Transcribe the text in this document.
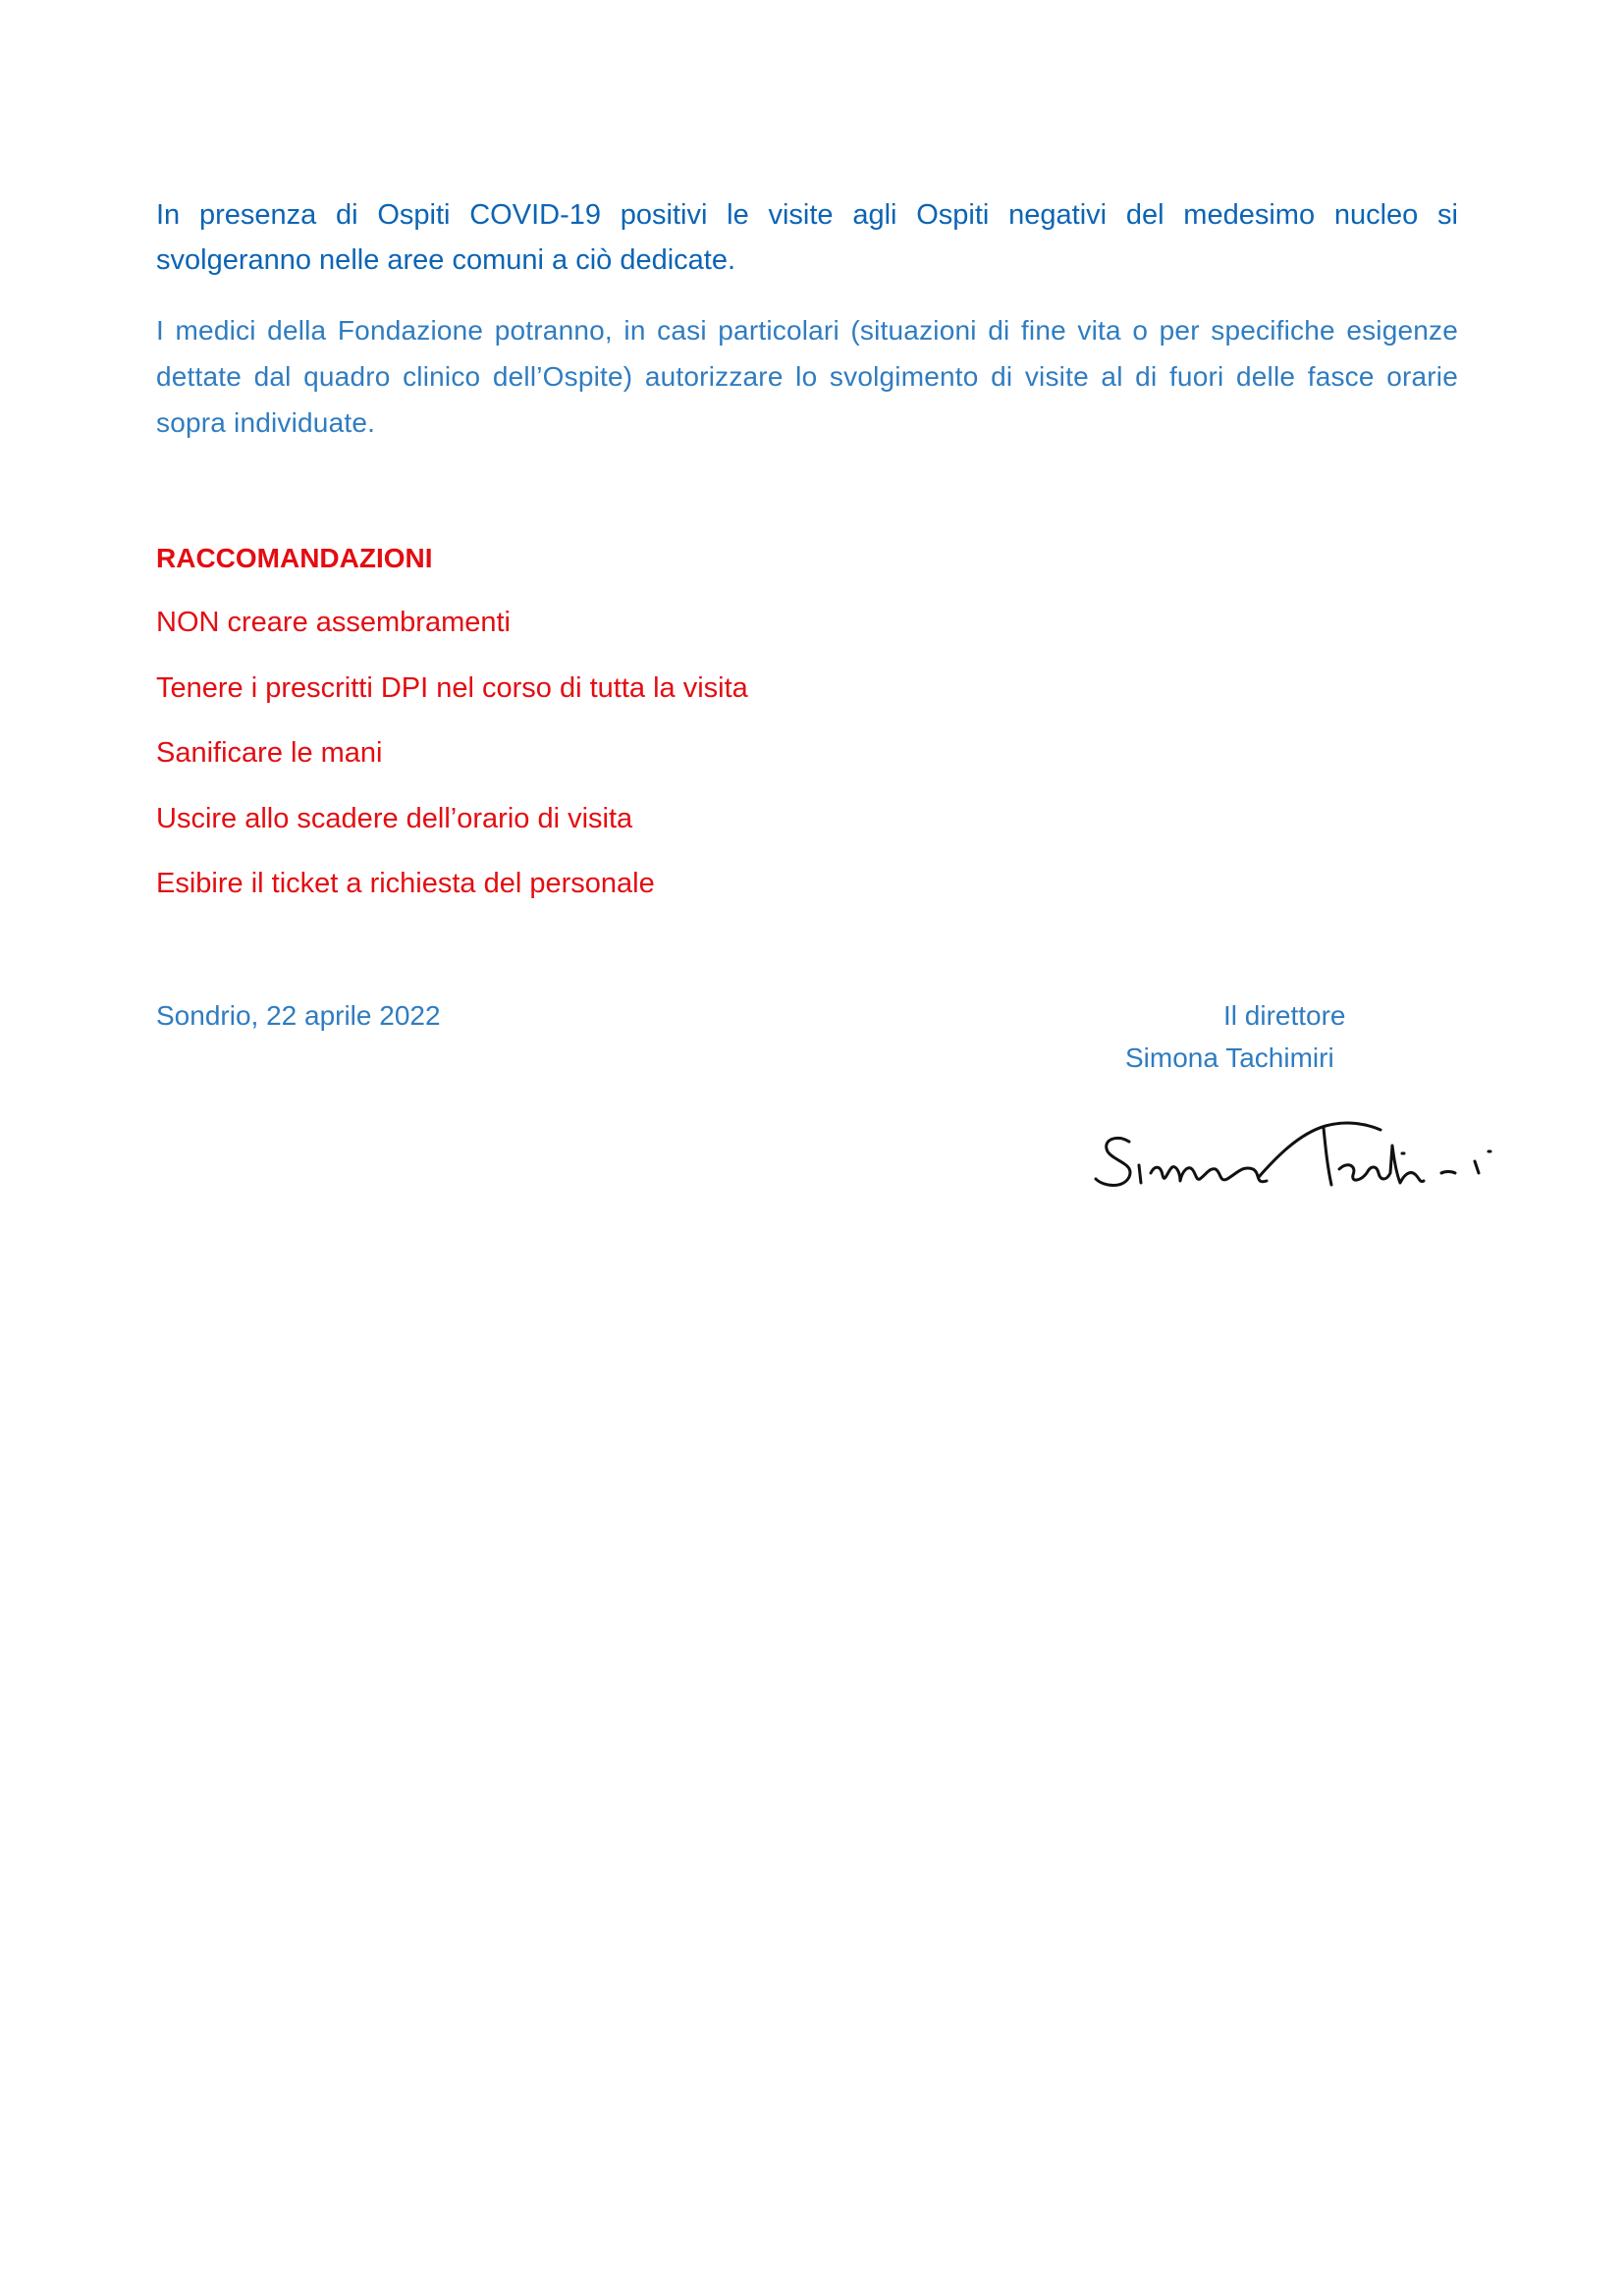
In presenza di Ospiti COVID-19 positivi le visite agli Ospiti negativi del medesimo nucleo si svolgeranno nelle aree comuni a ciò dedicate.

I medici della Fondazione potranno, in casi particolari (situazioni di fine vita o per specifiche esigenze dettate dal quadro clinico dell’Ospite) autorizzare lo svolgimento di visite al di fuori delle fasce orarie sopra individuate.

RACCOMANDAZIONI
NON creare assembramenti
Tenere i prescritti DPI nel corso di tutta la visita
Sanificare le mani
Uscire allo scadere dell’orario di visita
Esibire il ticket a richiesta del personale

Sondrio, 22 aprile 2022	Il direttore

Simona Tachimiri
